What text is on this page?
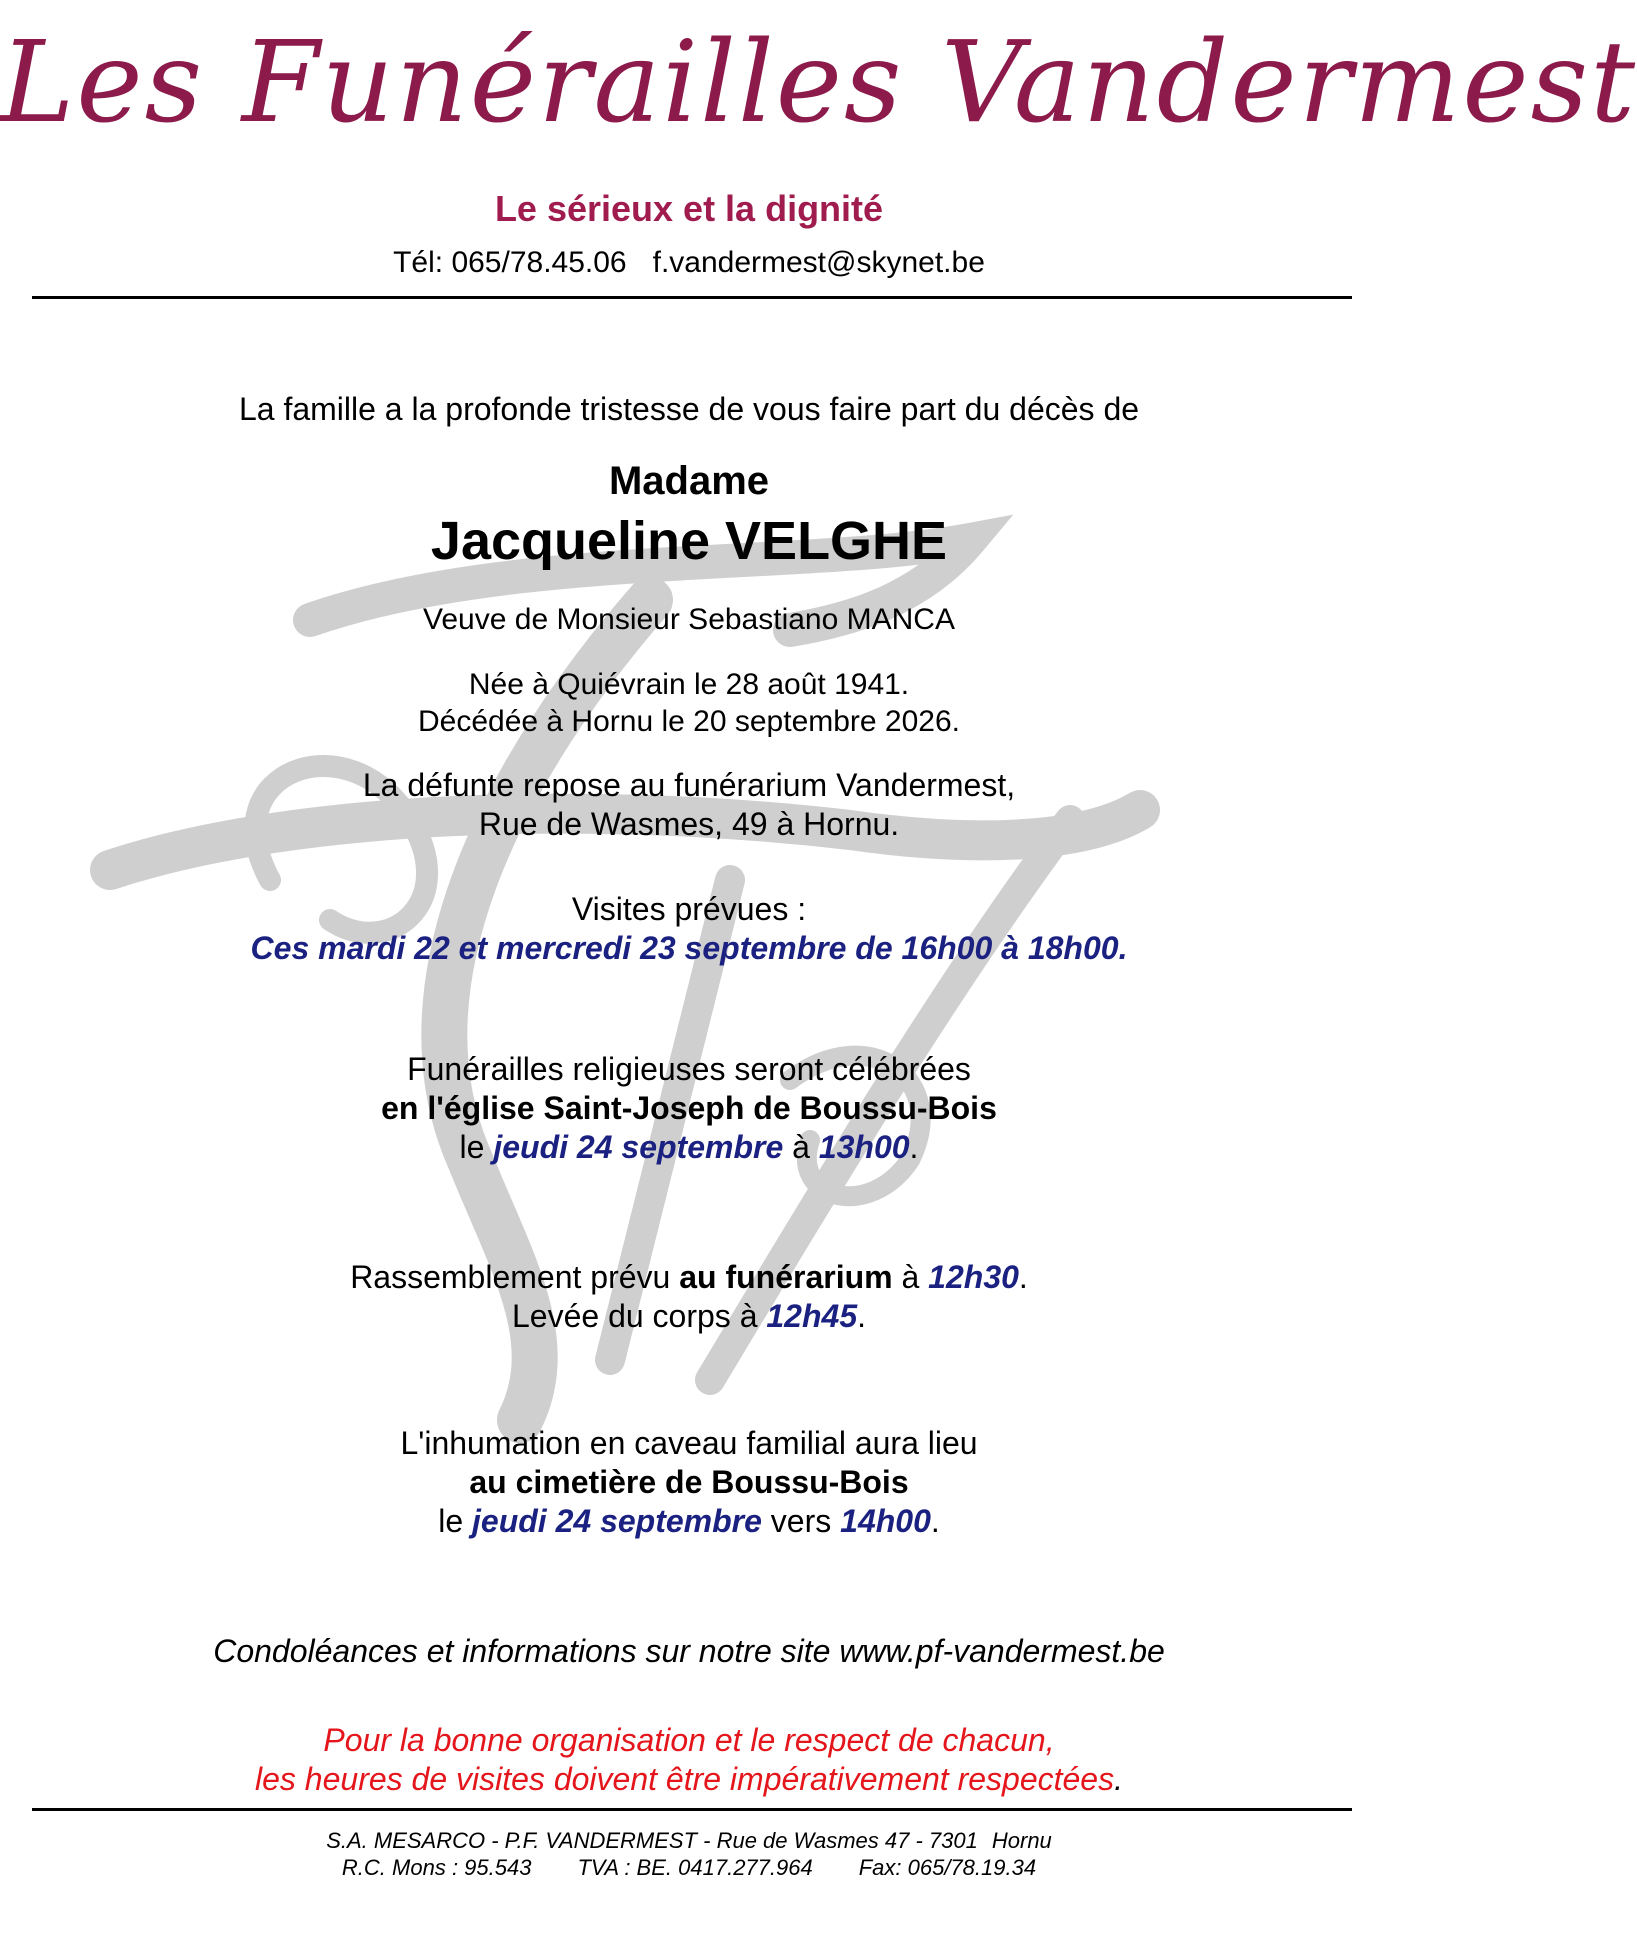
Les Funérailles Vandermest
Le sérieux et la dignité
Tél: 065/78.45.06 f.vandermest@skynet.be
La famille a la profonde tristesse de vous faire part du décès de
Madame
Jacqueline VELGHE
Veuve de Monsieur Sebastiano MANCA
Née à Quiévrain le 28 août 1941.
Décédée à Hornu le 20 septembre 2026.
La défunte repose au funérarium Vandermest,
Rue de Wasmes, 49 à Hornu.
Visites prévues :
Ces mardi 22 et mercredi 23 septembre de 16h00 à 18h00.
Funérailles religieuses seront célébrées
en l'église Saint-Joseph de Boussu-Bois
le jeudi 24 septembre à 13h00.
Rassemblement prévu au funérarium à 12h30.
Levée du corps à 12h45.
L'inhumation en caveau familial aura lieu
au cimetière de Boussu-Bois
le jeudi 24 septembre vers 14h00.
Condoléances et informations sur notre site www.pf-vandermest.be
Pour la bonne organisation et le respect de chacun,
les heures de visites doivent être impérativement respectées.
S.A. MESARCO - P.F. VANDERMEST - Rue de Wasmes 47 - 7301 Hornu
R.C. Mons : 95.543 TVA : BE. 0417.277.964 Fax: 065/78.19.34
